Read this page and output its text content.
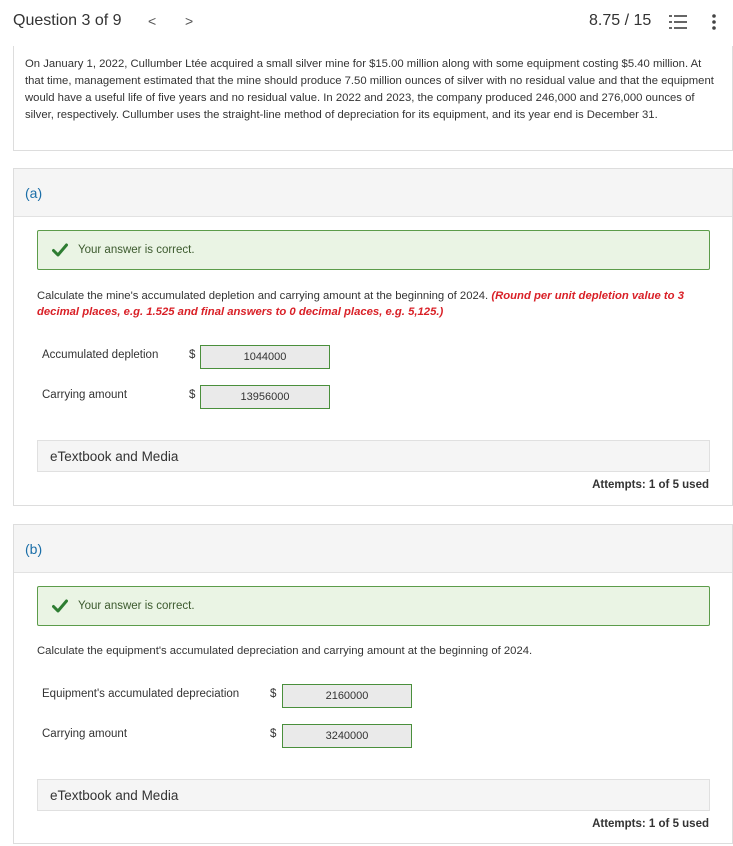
Question 3 of 9 < >	8.75 / 15

On January 1, 2022, Cullumber Ltée acquired a small silver mine for $15.00 million along with some equipment costing $5.40 million. At that time, management estimated that the mine should produce 7.50 million ounces of silver with no residual value and that the equipment would have a useful life of five years and no residual value. In 2022 and 2023, the company produced 246,000 and 276,000 ounces of silver, respectively. Cullumber uses the straight-line method of depreciation for its equipment, and its year end is December 31.

(a)
Your answer is correct.
Calculate the mine's accumulated depletion and carrying amount at the beginning of 2024. (Round per unit depletion value to 3 decimal places, e.g. 1.525 and final answers to 0 decimal places, e.g. 5,125.)
Accumulated depletion	$	1044000
Carrying amount	$	13956000
eTextbook and Media
Attempts: 1 of 5 used
(b)
Your answer is correct.
Calculate the equipment's accumulated depreciation and carrying amount at the beginning of 2024.
Equipment's accumulated depreciation	$	2160000
Carrying amount	$	3240000
eTextbook and Media
Attempts: 1 of 5 used
